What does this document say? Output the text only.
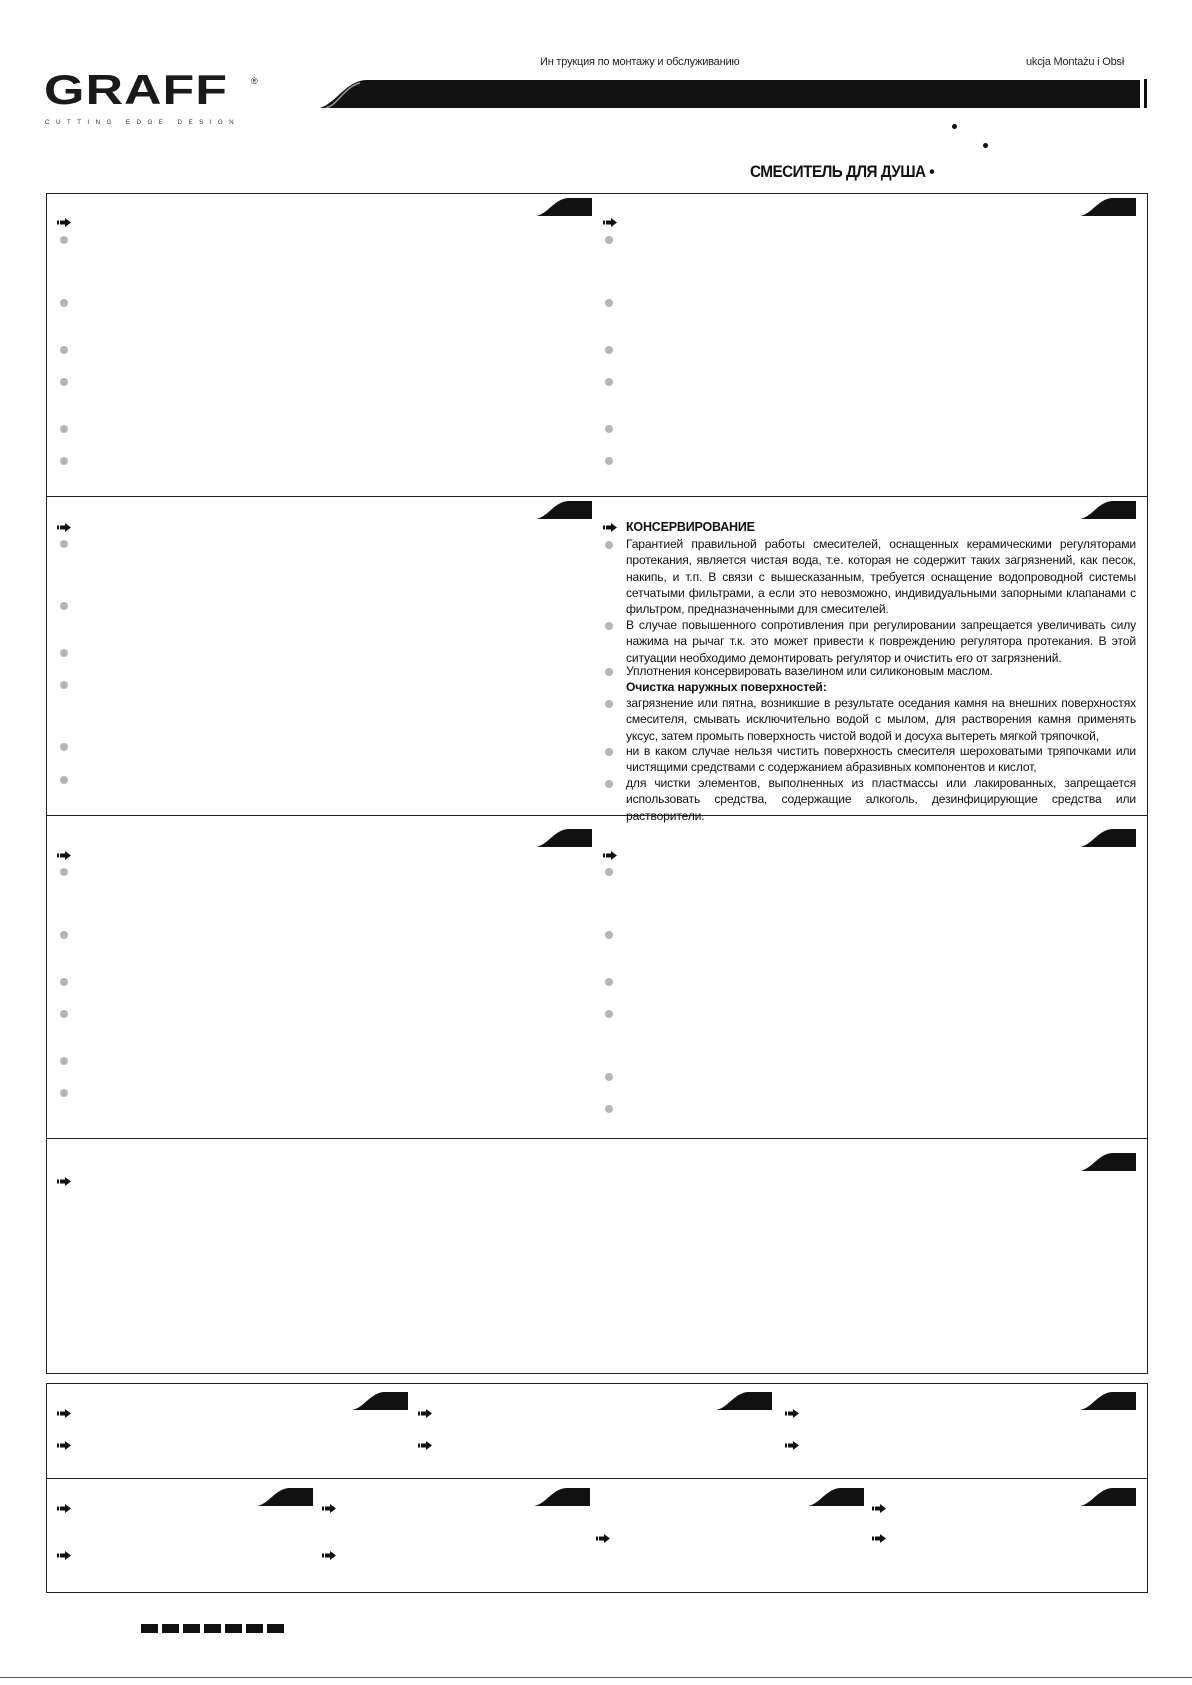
Ин трукция по монтажу и обслуживанию	ukcja Montażu i Obsł
GRAFF	®
CUTTING EDGE DESIGN
СМЕСИТЕЛЬ ДЛЯ ДУША •
КОНСЕРВИРОВАНИЕ
Гарантией правильной работы смесителей, оснащенных керамическими регуляторами протекания, является чистая вода, т.е. которая не содержит таких загрязнений, как песок, накипь, и т.п. В связи с вышесказанным, требуется оснащение водопроводной системы сетчатыми фильтрами, а если это невозможно, индивидуальными запорными клапанами с фильтром, предназначенными для смесителей.
В случае повышенного сопротивления при регулировании запрещается увеличивать силу нажима на рычаг т.к. это может привести к повреждению регулятора протекания. В этой ситуации необходимо демонтировать регулятор и очистить его от загрязнений.
Уплотнения консервировать вазелином или силиконовым маслом.
Очистка наружных поверхностей:
загрязнение или пятна, возникшие в результате оседания камня на внешних поверхностях смесителя, смывать исключительно водой с мылом, для растворения камня применять уксус, затем промыть поверхность чистой водой и досуха вытереть мягкой тряпочкой,
ни в каком случае нельзя чистить поверхность смесителя шероховатыми тряпочками или чистящими средствами с содержанием абразивных компонентов и кислот,
для чистки элементов, выполненных из пластмассы или лакированных, запрещается использовать средства, содержащие алкоголь, дезинфицирующие средства или растворители.
